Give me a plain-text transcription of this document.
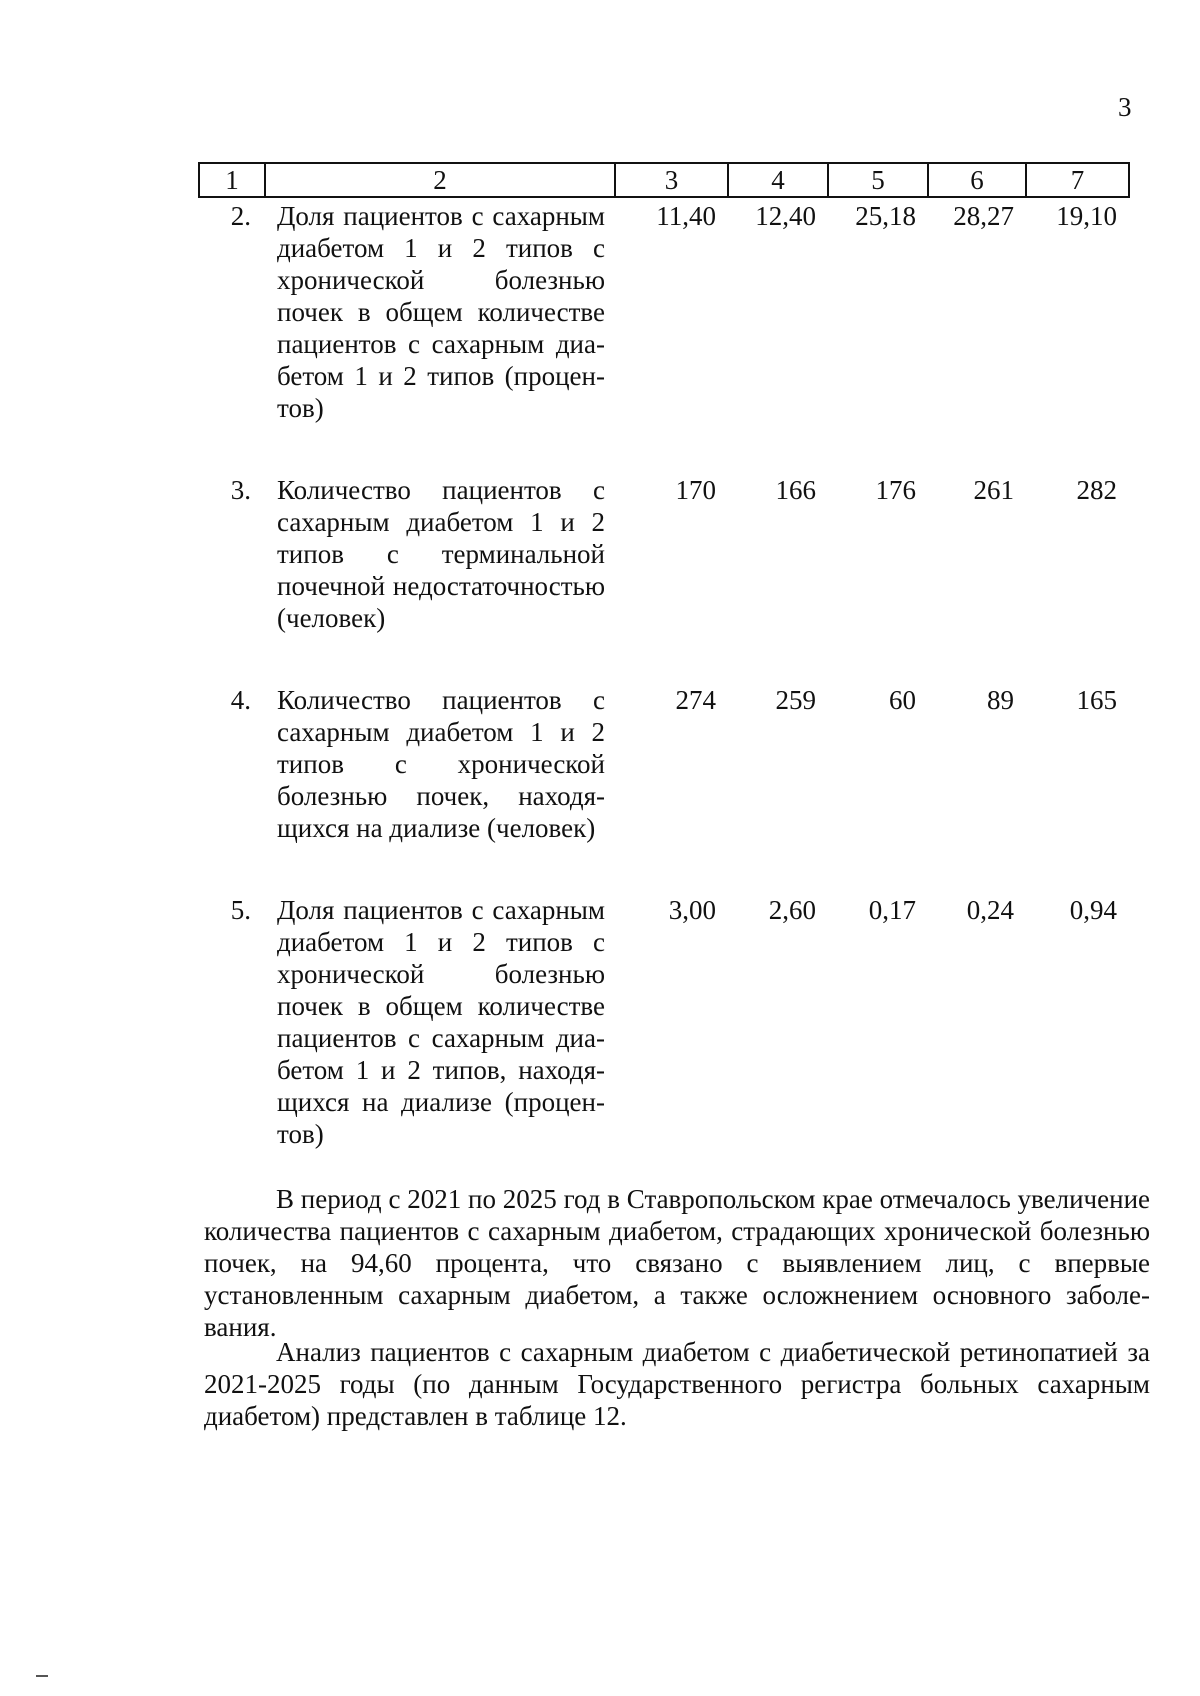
3
1	2	3	4	5	6	7
2.	Доля пациентов с сахарным диабетом 1 и 2 типов с хронической болезнью почек в общем количестве пациентов с сахарным диабетом 1 и 2 типов (процентов)	11,40	12,40	25,18	28,27	19,10
3.	Количество пациентов с сахарным диабетом 1 и 2 типов с терминальной почечной недостаточностью (человек)	170	166	176	261	282
4.	Количество пациентов с сахарным диабетом 1 и 2 типов с хронической болезнью почек, находящихся на диализе (человек)	274	259	60	89	165
5.	Доля пациентов с сахарным диабетом 1 и 2 типов с хронической болезнью почек в общем количестве пациентов с сахарным диабетом 1 и 2 типов, находящихся на диализе (процентов)	3,00	2,60	0,17	0,24	0,94

В период с 2021 по 2025 год в Ставропольском крае отмечалось увеличение количества пациентов с сахарным диабетом, страдающих хронической болезнью почек, на 94,60 процента, что связано с выявлением лиц, с впервые установленным сахарным диабетом, а также осложнением основного заболевания.

Анализ пациентов с сахарным диабетом с диабетической ретинопатией за 2021-2025 годы (по данным Государственного регистра больных сахарным диабетом) представлен в таблице 12.
